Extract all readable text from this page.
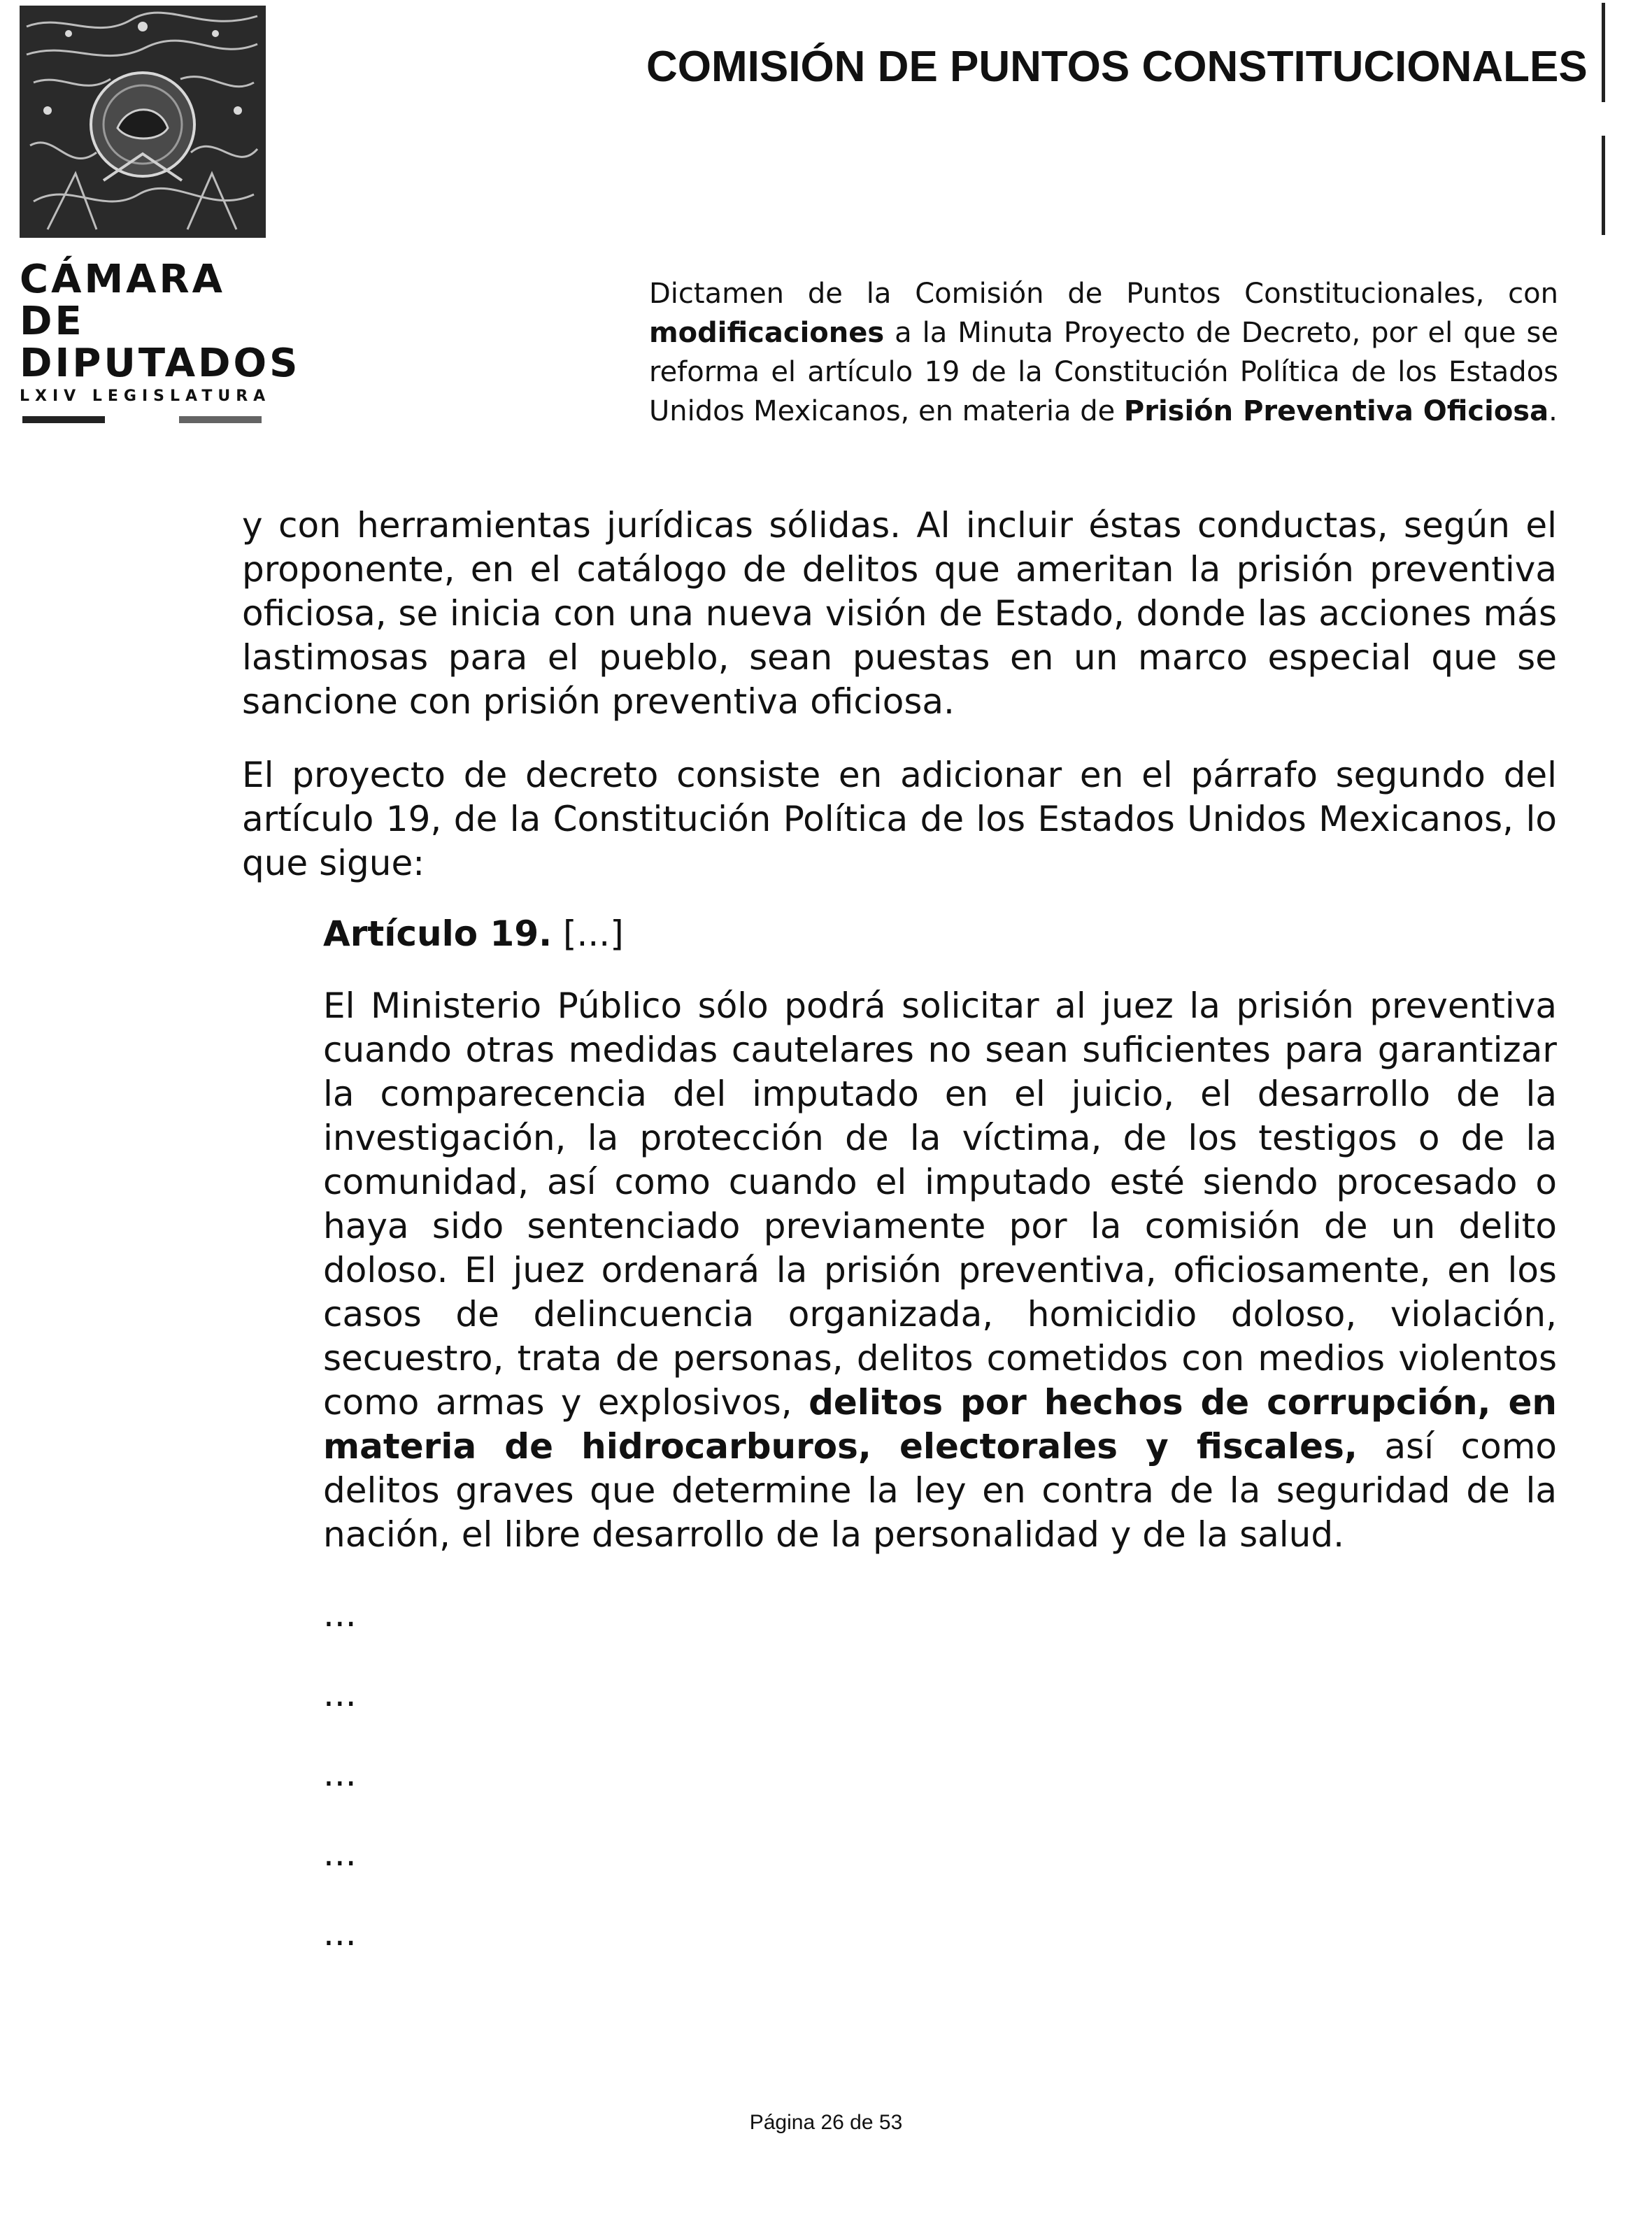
CÁMARA DE
DIPUTADOS
LXIV LEGISLATURA
COMISIÓN DE PUNTOS CONSTITUCIONALES
Dictamen de la Comisión de Puntos Constitucionales, con modificaciones a la Minuta Proyecto de Decreto, por el que se reforma el artículo 19 de la Constitución Política de los Estados Unidos Mexicanos, en materia de Prisión Preventiva Oficiosa.

y con herramientas jurídicas sólidas. Al incluir éstas conductas, según el proponente, en el catálogo de delitos que ameritan la prisión preventiva oficiosa, se inicia con una nueva visión de Estado, donde las acciones más lastimosas para el pueblo, sean puestas en un marco especial que se sancione con prisión preventiva oficiosa.

El proyecto de decreto consiste en adicionar en el párrafo segundo del artículo 19, de la Constitución Política de los Estados Unidos Mexicanos, lo que sigue:

Artículo 19. [...]

El Ministerio Público sólo podrá solicitar al juez la prisión preventiva cuando otras medidas cautelares no sean suficientes para garantizar la comparecencia del imputado en el juicio, el desarrollo de la investigación, la protección de la víctima, de los testigos o de la comunidad, así como cuando el imputado esté siendo procesado o haya sido sentenciado previamente por la comisión de un delito doloso. El juez ordenará la prisión preventiva, oficiosamente, en los casos de delincuencia organizada, homicidio doloso, violación, secuestro, trata de personas, delitos cometidos con medios violentos como armas y explosivos, delitos por hechos de corrupción, en materia de hidrocarburos, electorales y fiscales, así como delitos graves que determine la ley en contra de la seguridad de la nación, el libre desarrollo de la personalidad y de la salud.

...

...

...

...

...

Página 26 de 53
